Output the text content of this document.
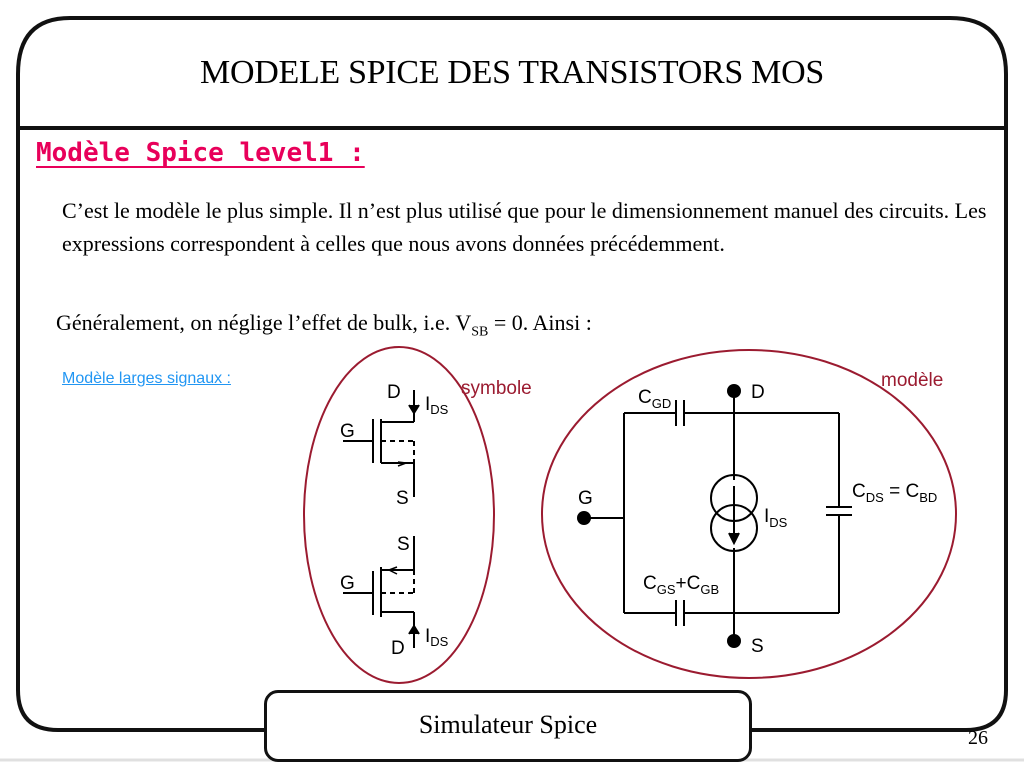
MODELE SPICE DES TRANSISTORS MOS
Modèle Spice level1 :
C’est le modèle le plus simple. Il n’est plus utilisé que pour le dimensionnement manuel des circuits. Les expressions correspondent à celles que nous avons données précédemment.
Généralement, on néglige l’effet de bulk, i.e. $V_{SB} = 0$. Ainsi :
Modèle larges signaux :	symbole	modèle
D
$I_{DS}$
G
S
S
G
D
$I_{DS}$
D
S
G
$C_{GD}$
$C_{DS} = C_{BD}$
$C_{GS}+C_{GB}$
$I_{DS}$
Simulateur Spice	26
